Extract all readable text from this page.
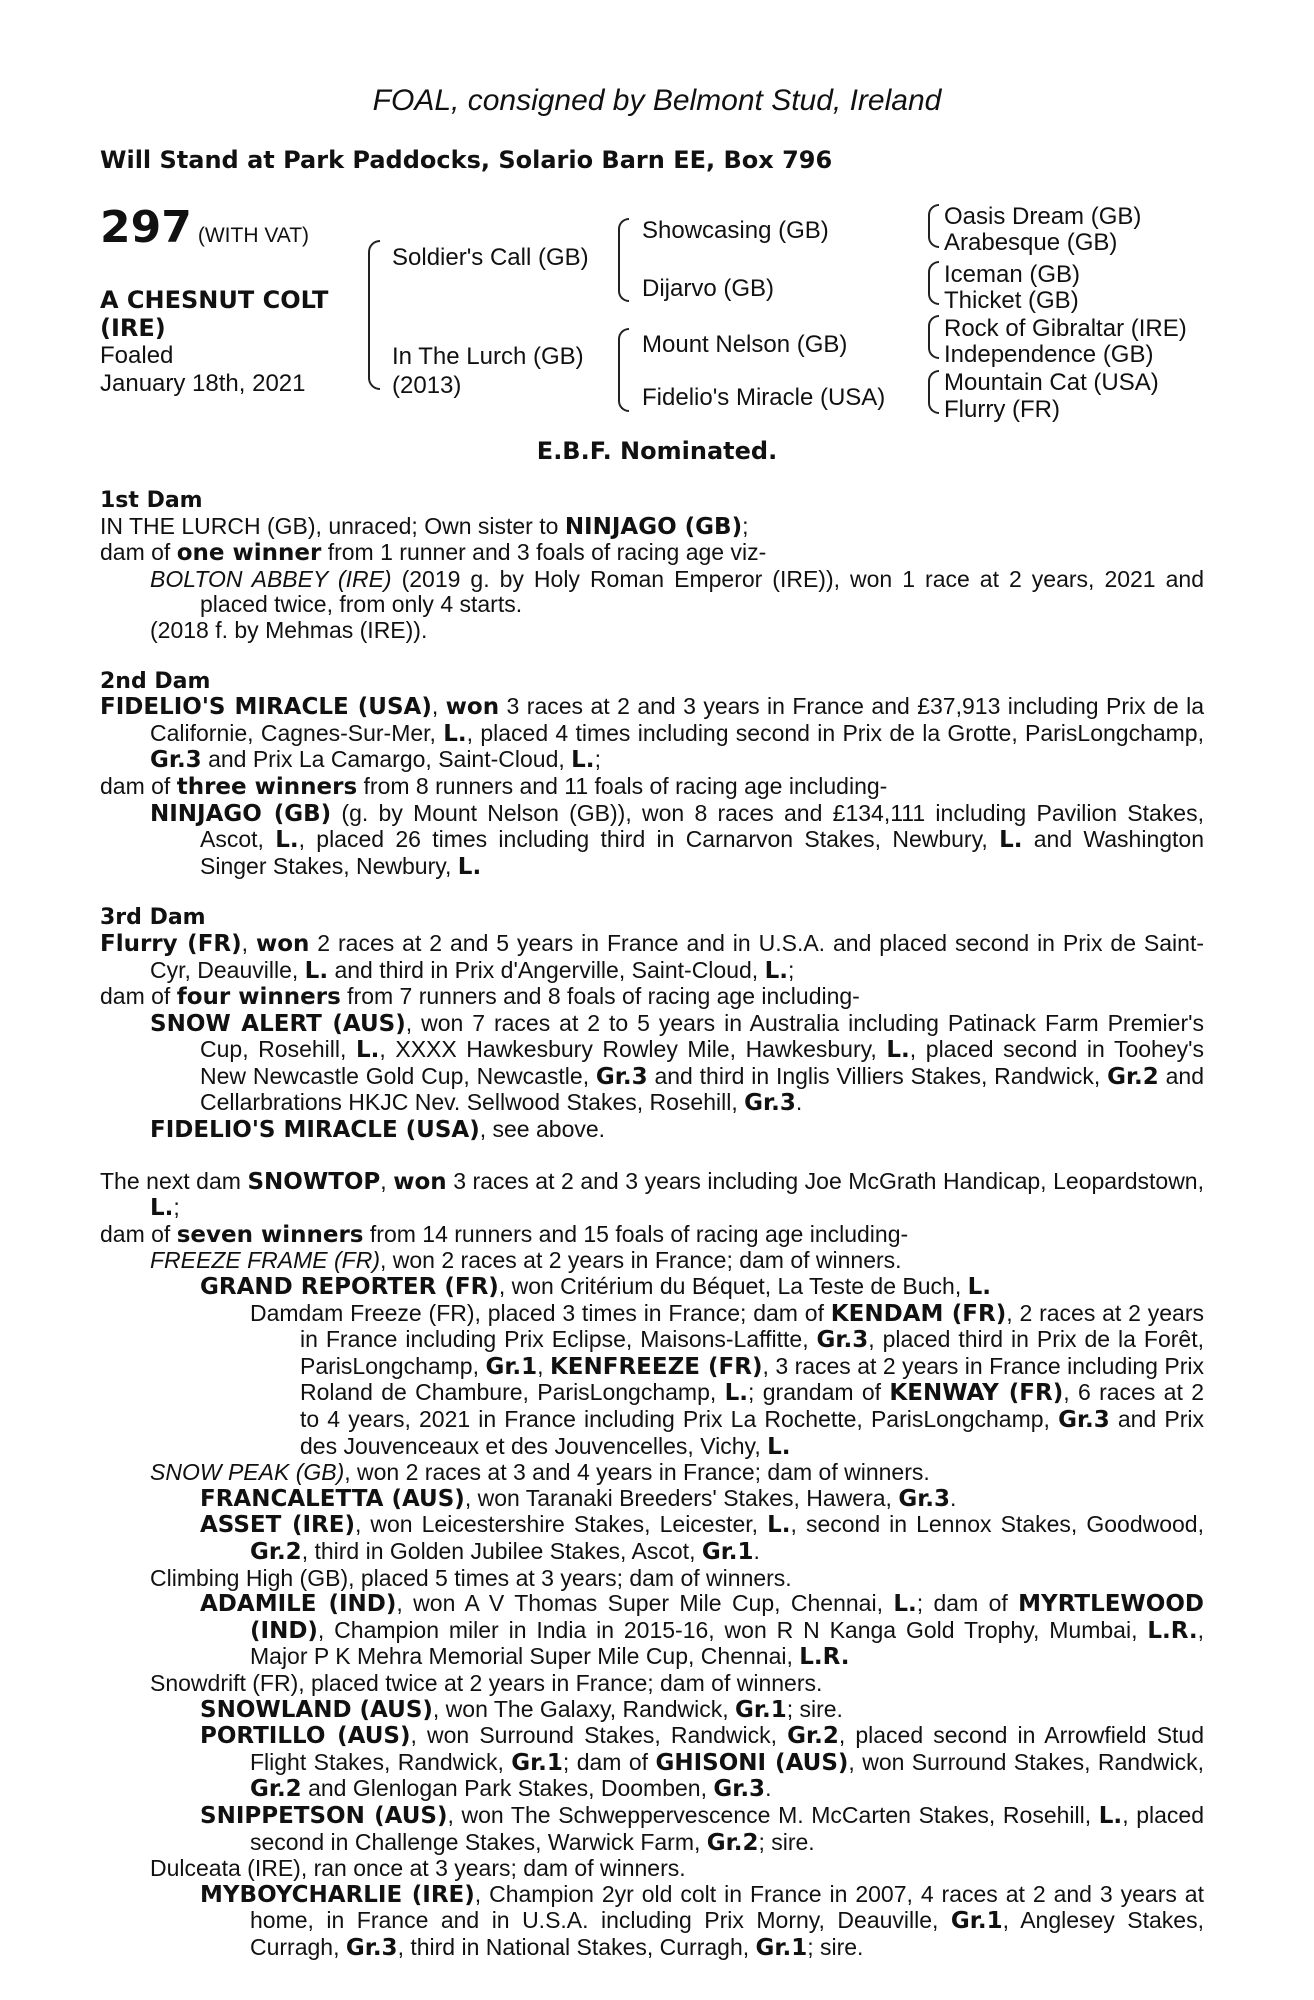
FOAL, consigned by Belmont Stud, Ireland
Will Stand at Park Paddocks, Solario Barn EE, Box 796
297 (WITH VAT)
A CHESNUT COLT
(IRE)
Foaled
January 18th, 2021
Soldier's Call (GB)
In The Lurch (GB)
(2013)
Showcasing (GB)
Dijarvo (GB)
Mount Nelson (GB)
Fidelio's Miracle (USA)
Oasis Dream (GB)
Arabesque (GB)
Iceman (GB)
Thicket (GB)
Rock of Gibraltar (IRE)
Independence (GB)
Mountain Cat (USA)
Flurry (FR)
E.B.F. Nominated.

1st Dam

IN THE LURCH (GB), unraced; Own sister to NINJAGO (GB);

dam of one winner from 1 runner and 3 foals of racing age viz-

BOLTON ABBEY (IRE) (2019 g. by Holy Roman Emperor (IRE)), won 1 race at 2 years, 2021 and placed twice, from only 4 starts.

(2018 f. by Mehmas (IRE)).

2nd Dam

FIDELIO'S MIRACLE (USA), won 3 races at 2 and 3 years in France and £37,913 including Prix de la Californie, Cagnes-Sur-Mer, L., placed 4 times including second in Prix de la Grotte, ParisLongchamp, Gr.3 and Prix La Camargo, Saint-Cloud, L.;

dam of three winners from 8 runners and 11 foals of racing age including-

NINJAGO (GB) (g. by Mount Nelson (GB)), won 8 races and £134,111 including Pavilion Stakes, Ascot, L., placed 26 times including third in Carnarvon Stakes, Newbury, L. and Washington Singer Stakes, Newbury, L.

3rd Dam

Flurry (FR), won 2 races at 2 and 5 years in France and in U.S.A. and placed second in Prix de Saint-Cyr, Deauville, L. and third in Prix d'Angerville, Saint-Cloud, L.;

dam of four winners from 7 runners and 8 foals of racing age including-

SNOW ALERT (AUS), won 7 races at 2 to 5 years in Australia including Patinack Farm Premier's Cup, Rosehill, L., XXXX Hawkesbury Rowley Mile, Hawkesbury, L., placed second in Toohey's New Newcastle Gold Cup, Newcastle, Gr.3 and third in Inglis Villiers Stakes, Randwick, Gr.2 and Cellarbrations HKJC Nev. Sellwood Stakes, Rosehill, Gr.3.

FIDELIO'S MIRACLE (USA), see above.

The next dam SNOWTOP, won 3 races at 2 and 3 years including Joe McGrath Handicap, Leopardstown, L.;

dam of seven winners from 14 runners and 15 foals of racing age including-

FREEZE FRAME (FR), won 2 races at 2 years in France; dam of winners.

GRAND REPORTER (FR), won Critérium du Béquet, La Teste de Buch, L.

Damdam Freeze (FR), placed 3 times in France; dam of KENDAM (FR), 2 races at 2 years in France including Prix Eclipse, Maisons-Laffitte, Gr.3, placed third in Prix de la Forêt, ParisLongchamp, Gr.1, KENFREEZE (FR), 3 races at 2 years in France including Prix Roland de Chambure, ParisLongchamp, L.; grandam of KENWAY (FR), 6 races at 2 to 4 years, 2021 in France including Prix La Rochette, ParisLongchamp, Gr.3 and Prix des Jouvenceaux et des Jouvencelles, Vichy, L.

SNOW PEAK (GB), won 2 races at 3 and 4 years in France; dam of winners.

FRANCALETTA (AUS), won Taranaki Breeders' Stakes, Hawera, Gr.3.

ASSET (IRE), won Leicestershire Stakes, Leicester, L., second in Lennox Stakes, Goodwood, Gr.2, third in Golden Jubilee Stakes, Ascot, Gr.1.

Climbing High (GB), placed 5 times at 3 years; dam of winners.

ADAMILE (IND), won A V Thomas Super Mile Cup, Chennai, L.; dam of MYRTLEWOOD (IND), Champion miler in India in 2015-16, won R N Kanga Gold Trophy, Mumbai, L.R., Major P K Mehra Memorial Super Mile Cup, Chennai, L.R.

Snowdrift (FR), placed twice at 2 years in France; dam of winners.

SNOWLAND (AUS), won The Galaxy, Randwick, Gr.1; sire.

PORTILLO (AUS), won Surround Stakes, Randwick, Gr.2, placed second in Arrowfield Stud Flight Stakes, Randwick, Gr.1; dam of GHISONI (AUS), won Surround Stakes, Randwick, Gr.2 and Glenlogan Park Stakes, Doomben, Gr.3.

SNIPPETSON (AUS), won The Schweppervescence M. McCarten Stakes, Rosehill, L., placed second in Challenge Stakes, Warwick Farm, Gr.2; sire.

Dulceata (IRE), ran once at 3 years; dam of winners.

MYBOYCHARLIE (IRE), Champion 2yr old colt in France in 2007, 4 races at 2 and 3 years at home, in France and in U.S.A. including Prix Morny, Deauville, Gr.1, Anglesey Stakes, Curragh, Gr.3, third in National Stakes, Curragh, Gr.1; sire.
